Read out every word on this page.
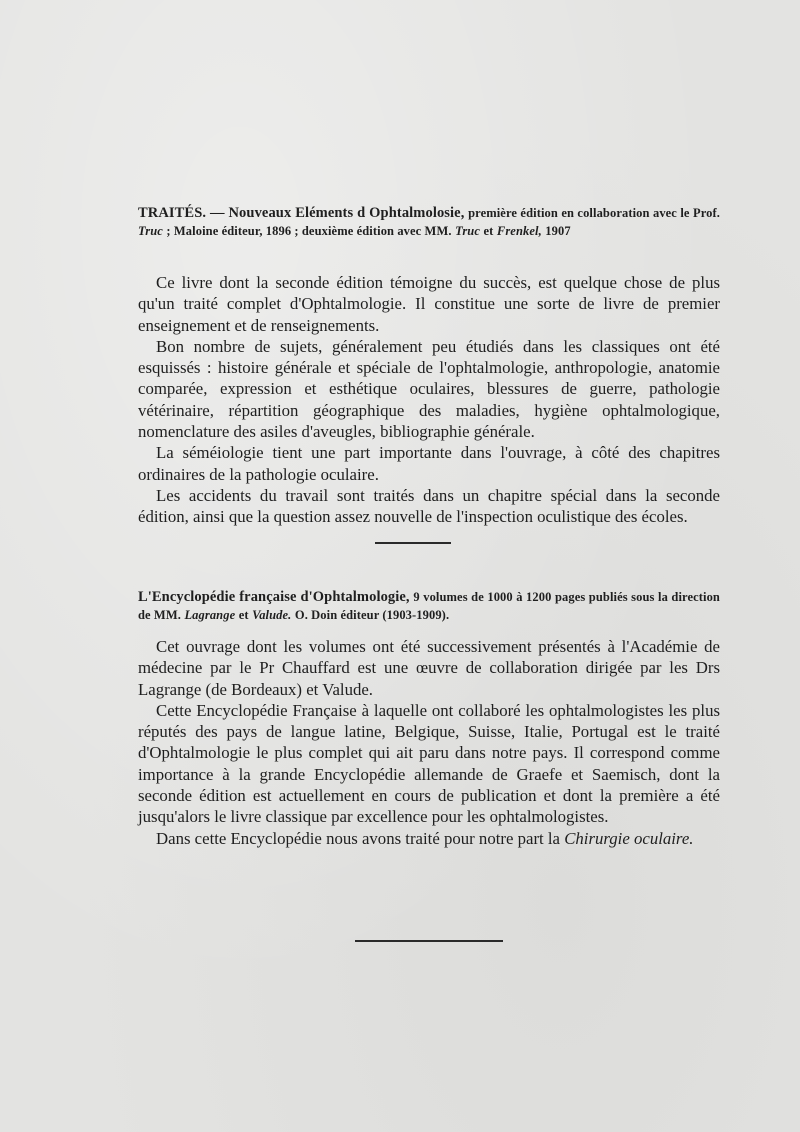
TRAITÉS. — Nouveaux Eléments d Ophtalmolosie, première édition en collaboration avec le Prof. Truc ; Maloine éditeur, 1896 ; deuxième édition avec MM. Truc et Frenkel, 1907

Ce livre dont la seconde édition témoigne du succès, est quelque chose de plus qu'un traité complet d'Ophtalmologie. Il constitue une sorte de livre de premier enseignement et de renseignements.

Bon nombre de sujets, généralement peu étudiés dans les classiques ont été esquissés : histoire générale et spéciale de l'ophtalmologie, anthropologie, anatomie comparée, expression et esthétique oculaires, blessures de guerre, pathologie vétérinaire, répartition géographique des maladies, hygiène ophtalmologique, nomenclature des asiles d'aveugles, bibliographie générale.

La séméiologie tient une part importante dans l'ouvrage, à côté des chapitres ordinaires de la pathologie oculaire.

Les accidents du travail sont traités dans un chapitre spécial dans la seconde édition, ainsi que la question assez nouvelle de l'inspection oculistique des écoles.

L'Encyclopédie française d'Ophtalmologie, 9 volumes de 1000 à 1200 pages publiés sous la direction de MM. Lagrange et Valude. O. Doin éditeur (1903-1909).

Cet ouvrage dont les volumes ont été successivement présentés à l'Académie de médecine par le Pr Chauffard est une œuvre de collaboration dirigée par les Drs Lagrange (de Bordeaux) et Valude.

Cette Encyclopédie Française à laquelle ont collaboré les ophtalmologistes les plus réputés des pays de langue latine, Belgique, Suisse, Italie, Portugal est le traité d'Ophtalmologie le plus complet qui ait paru dans notre pays. Il correspond comme importance à la grande Encyclopédie allemande de Graefe et Saemisch, dont la seconde édition est actuellement en cours de publication et dont la première a été jusqu'alors le livre classique par excellence pour les ophtalmologistes.

Dans cette Encyclopédie nous avons traité pour notre part la Chirurgie oculaire.
